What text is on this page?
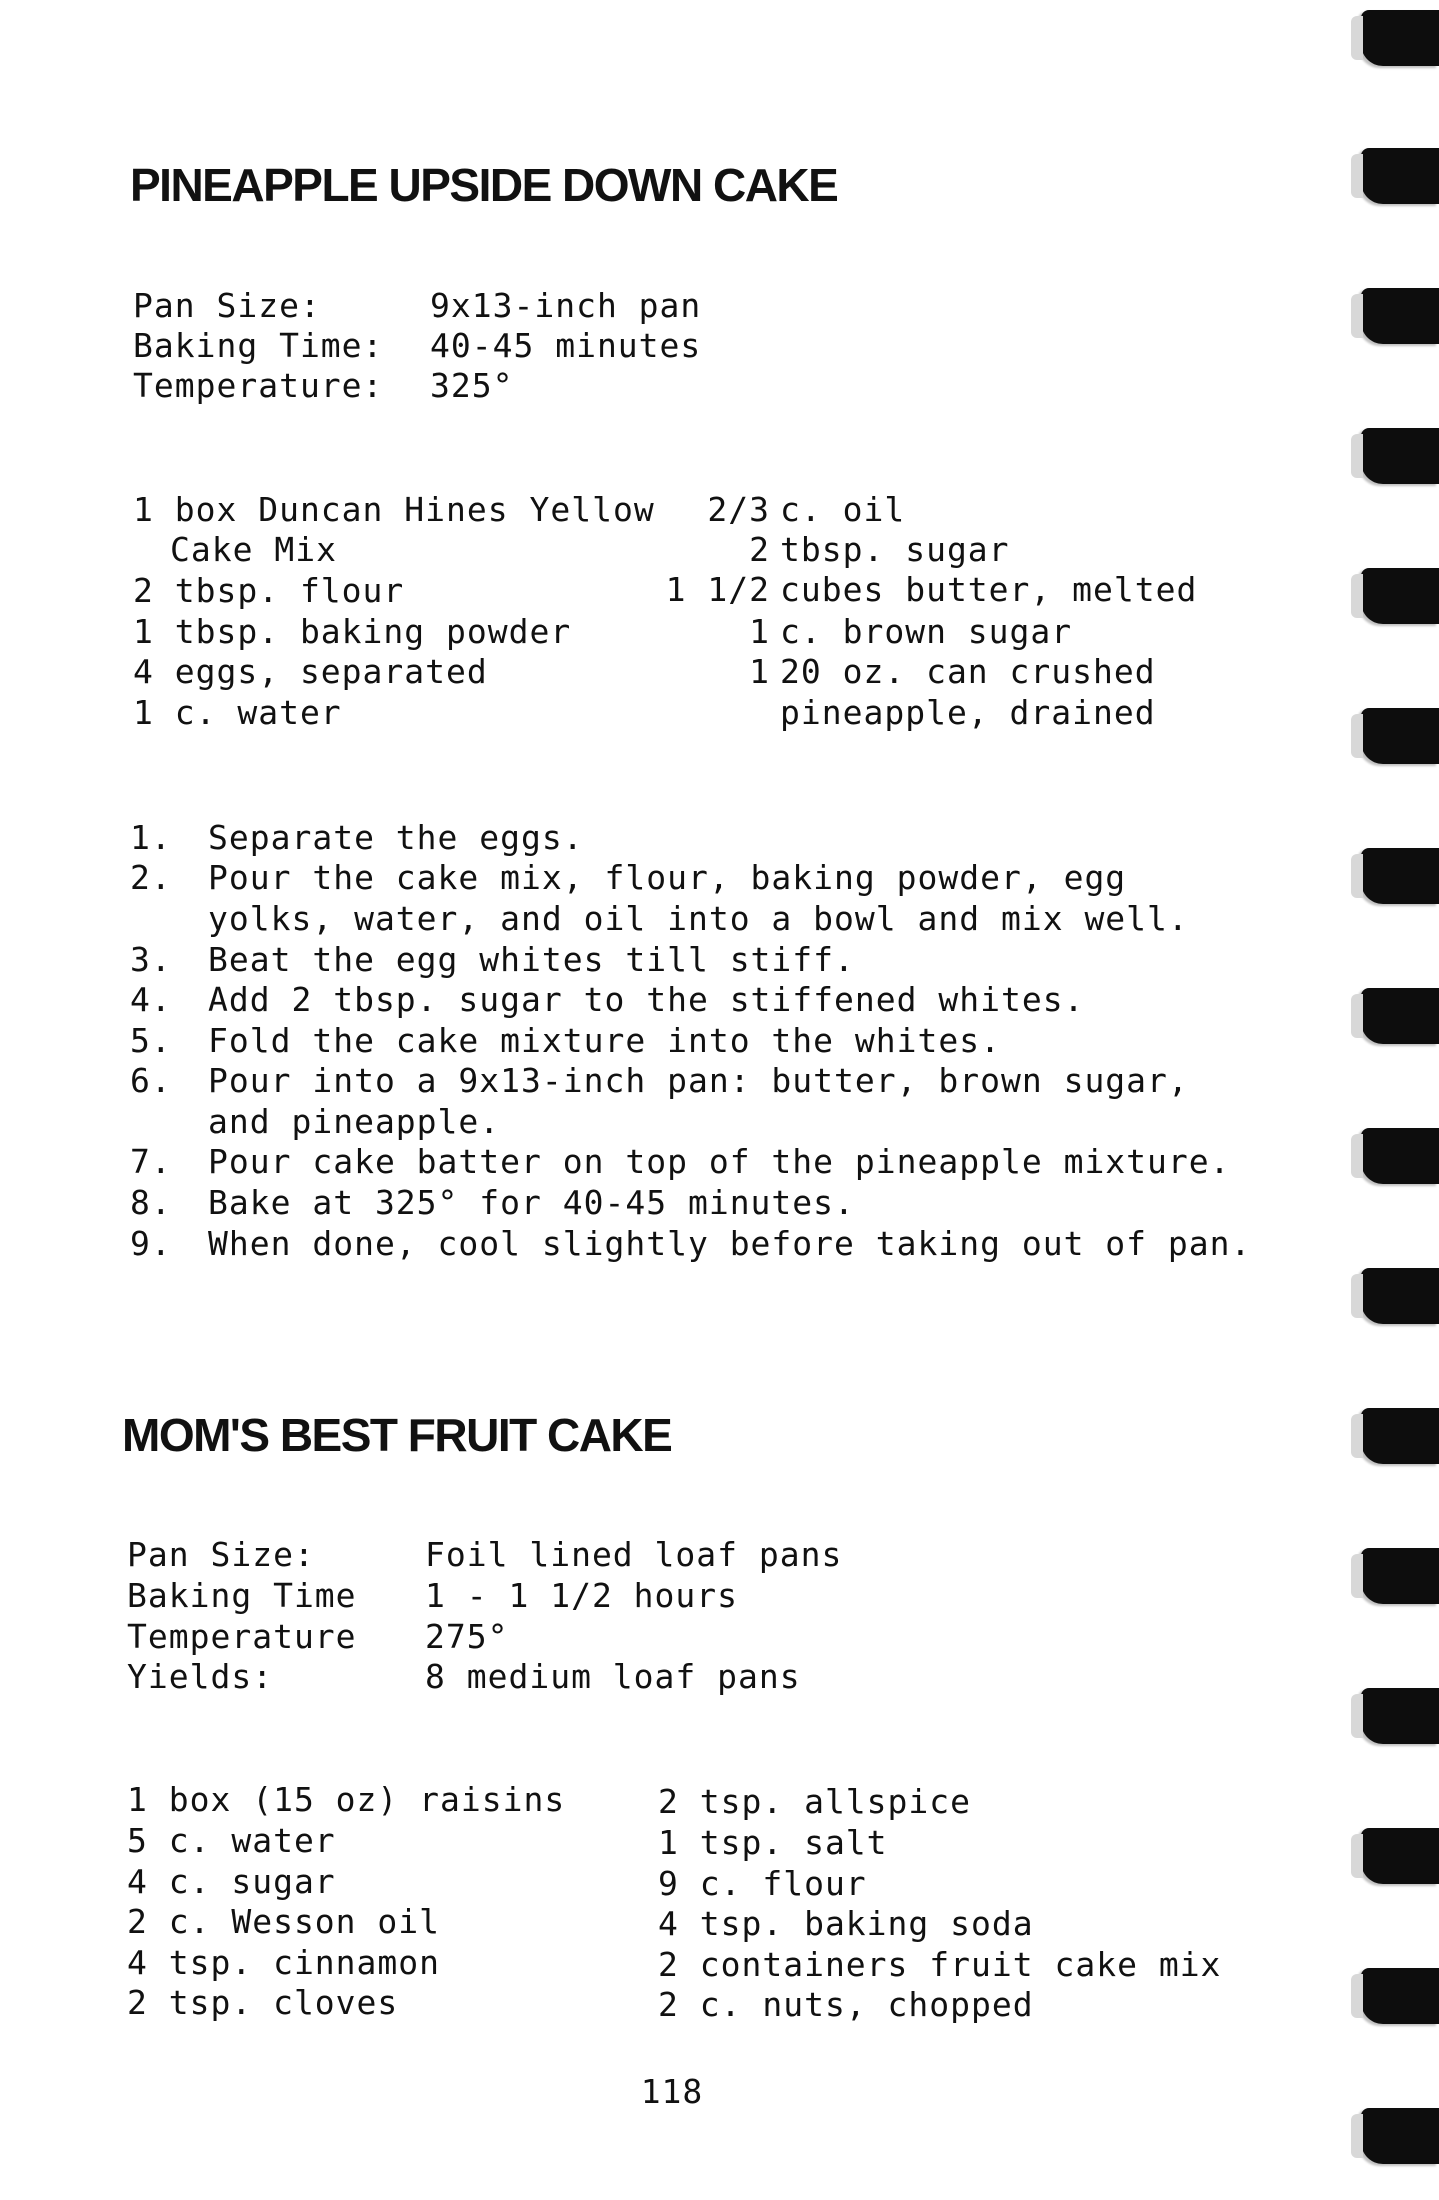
PINEAPPLE UPSIDE DOWN CAKE
Pan Size:	9x13-inch pan
Baking Time: 40-45 minutes
Temperature: 325°
1 box Duncan Hines Yellow
Cake Mix
2 tbsp. flour
1 tbsp. baking powder
4 eggs, separated
1 c. water
2/3 c. oil
2 tbsp. sugar
1 1/2 cubes butter, melted
1 c. brown sugar
1 20 oz. can crushed
pineapple, drained
1. Separate the eggs.
2. Pour the cake mix, flour, baking powder, egg
yolks, water, and oil into a bowl and mix well.
3. Beat the egg whites till stiff.
4. Add 2 tbsp. sugar to the stiffened whites.
5. Fold the cake mixture into the whites.
6. Pour into a 9x13-inch pan: butter, brown sugar,
and pineapple.
7. Pour cake batter on top of the pineapple mixture.
8. Bake at 325° for 40-45 minutes.
9. When done, cool slightly before taking out of pan.
MOM'S BEST FRUIT CAKE
Pan Size:	Foil lined loaf pans
Baking Time 1 - 1 1/2 hours
Temperature 275°
Yields:	8 medium loaf pans
1 box (15 oz) raisins
5 c. water
4 c. sugar
2 c. Wesson oil
4 tsp. cinnamon
2 tsp. cloves
2 tsp. allspice
1 tsp. salt
9 c. flour
4 tsp. baking soda
2 containers fruit cake mix
2 c. nuts, chopped
118
